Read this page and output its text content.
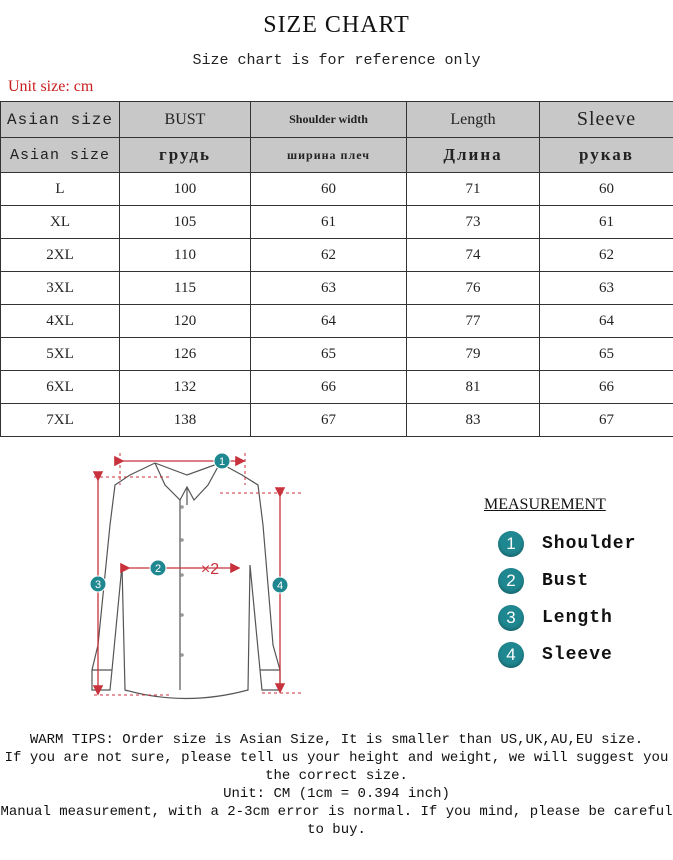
SIZE CHART
Size chart is for reference only
Unit size: cm
Asian size	BUST	Shoulder width	Length	Sleeve
Asian size	грудь	ширина плеч	Длина	рукав
L	100	60	71	60
XL	105	61	73	61
2XL	110	62	74	62
3XL	115	63	76	63
4XL	120	64	77	64
5XL	126	65	79	65
6XL	132	66	81	66
7XL	138	67	83	67
1
2
3	4
×2
MEASUREMENT
1	Shoulder
2	Bust
3	Length
4	Sleeve
WARM TIPS: Order size is Asian Size, It is smaller than US,UK,AU,EU size.
If you are not sure, please tell us your height and weight, we will suggest you the correct size.
Unit: CM (1cm = 0.394 inch)
Manual measurement, with a 2-3cm error is normal. If you mind, please be careful to buy.
